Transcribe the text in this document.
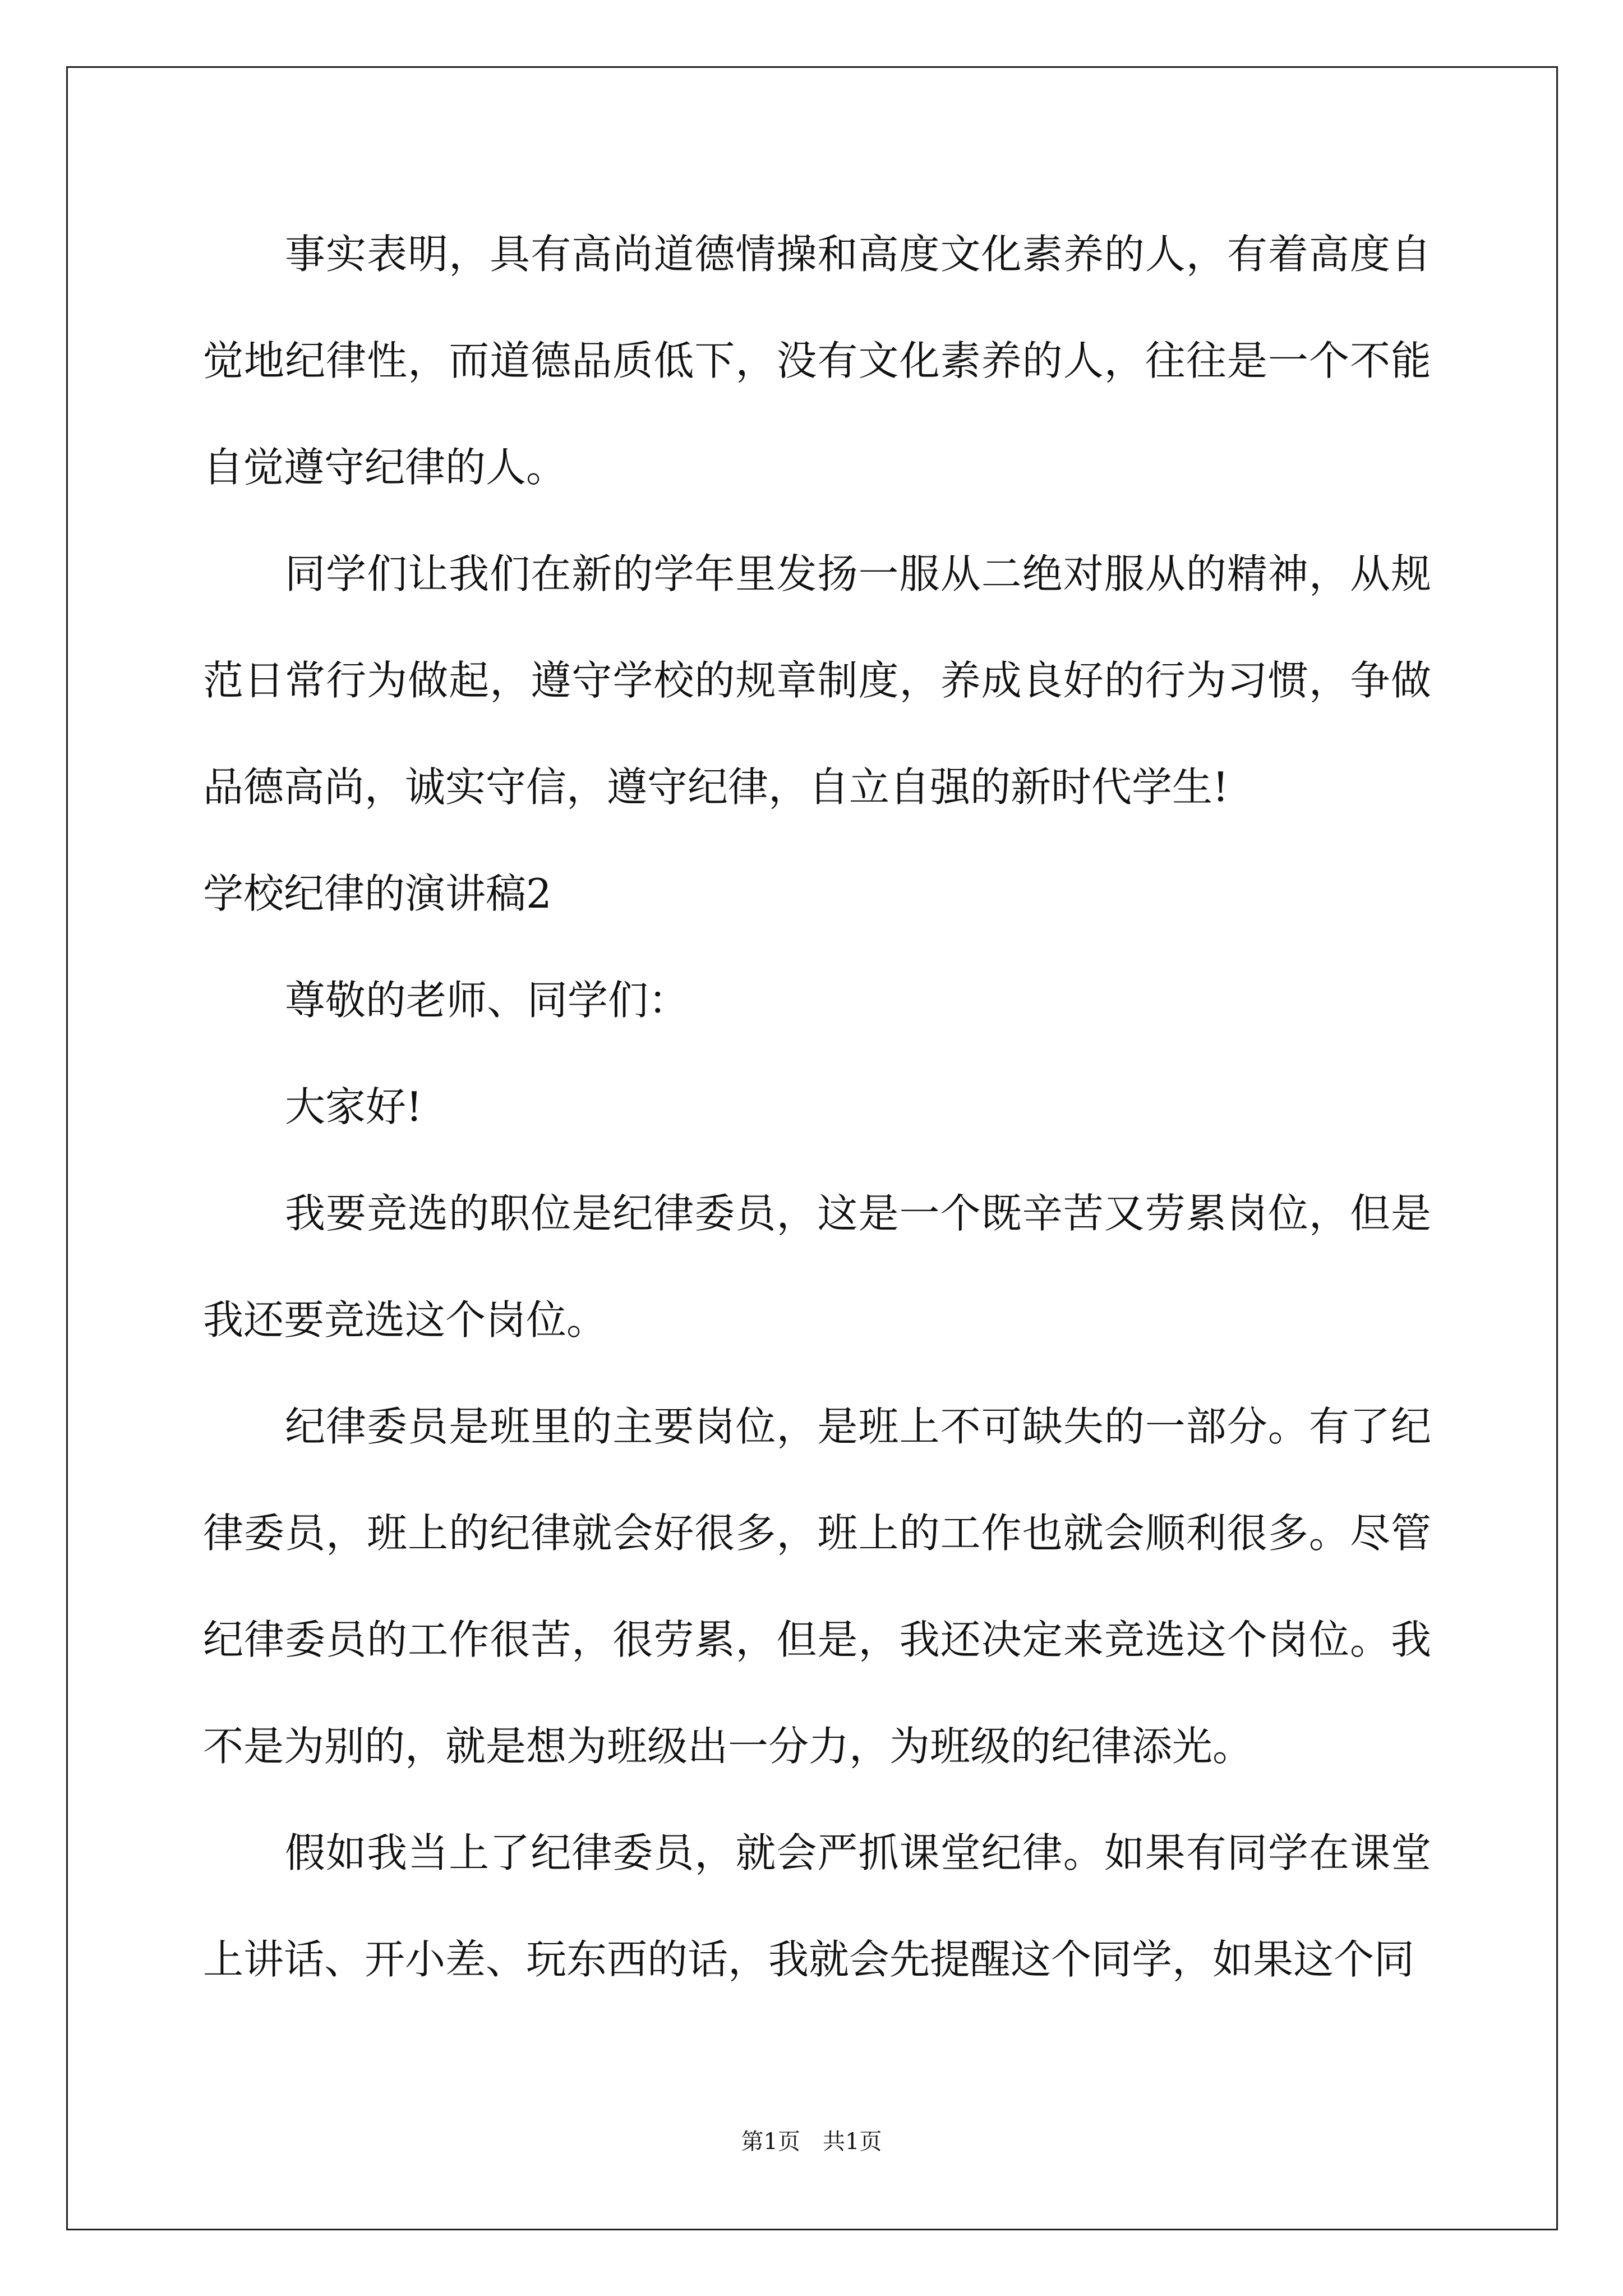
事实表明，具有高尚道德情操和高度文化素养的人，有着高度自觉地纪律性，而道德品质低下，没有文化素养的人，往往是一个不能自觉遵守纪律的人。

同学们让我们在新的学年里发扬一服从二绝对服从的精神，从规范日常行为做起，遵守学校的规章制度，养成良好的行为习惯，争做品德高尚，诚实守信，遵守纪律，自立自强的新时代学生!

学校纪律的演讲稿2

尊敬的老师、同学们：

大家好!

我要竞选的职位是纪律委员，这是一个既辛苦又劳累岗位，但是我还要竞选这个岗位。

纪律委员是班里的主要岗位，是班上不可缺失的一部分。有了纪律委员，班上的纪律就会好很多，班上的工作也就会顺利很多。尽管纪律委员的工作很苦，很劳累，但是，我还决定来竞选这个岗位。我不是为别的，就是想为班级出一分力，为班级的纪律添光。

假如我当上了纪律委员，就会严抓课堂纪律。如果有同学在课堂上讲话、开小差、玩东西的话，我就会先提醒这个同学，如果这个同

第1页　共1页
